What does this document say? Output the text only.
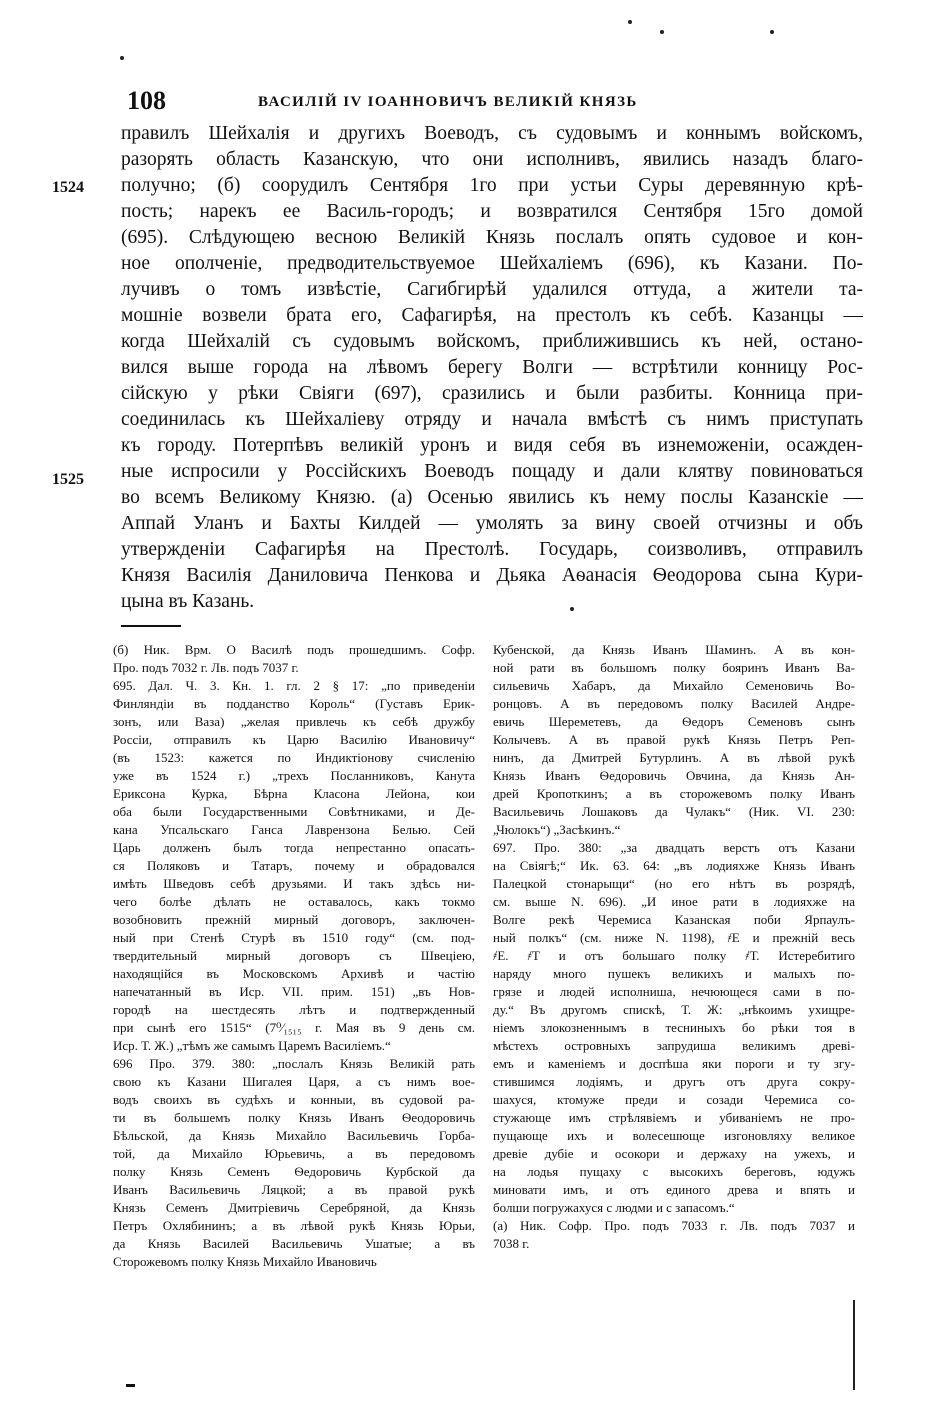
108	ВАСИЛІЙ IV ІОАННОВИЧЪ ВЕЛИКІЙ КНЯЗЬ
1524
1525
правилъ Шейхалія и другихъ Воеводъ, съ судовымъ и коннымъ войскомъ,
разорять область Казанскую, что они исполнивъ, явились назадъ благо-
получно; (б) соорудилъ Сентября 1го при устьи Суры деревянную крѣ-
пость; нарекъ ее Василь-городъ; и возвратился Сентября 15го домой
(695). Слѣдующею весною Великій Князь послалъ опять судовое и кон-
ное ополченіе, предводительствуемое Шейхаліемъ (696), къ Казани. По-
лучивъ о томъ извѣстіе, Сагибгирѣй удалился оттуда, а жители та-
мошніе возвели брата его, Сафагирѣя, на престолъ къ себѣ. Казанцы —
когда Шейхалій съ судовымъ войскомъ, приближившись къ ней, остано-
вился выше города на лѣвомъ берегу Волги — встрѣтили конницу Рос-
сійскую у рѣки Свіяги (697), сразились и были разбиты. Конница при-
соединилась къ Шейхаліеву отряду и начала вмѣстѣ съ нимъ приступать
къ городу. Потерпѣвъ великій уронъ и видя себя въ изнеможеніи, осажден-
ные испросили у Россійскихъ Воеводъ пощаду и дали клятву повиноваться
во всемъ Великому Князю. (а) Осенью явились къ нему послы Казанскіе —
Аппай Уланъ и Бахты Килдей — умолять за вину своей отчизны и объ
утвержденіи Сафагирѣя на Престолѣ. Государь, соизволивъ, отправилъ
Князя Василія Даниловича Пенкова и Дьяка Аѳанасія Ѳеодорова сына Кури-
цына въ Казань.
(б) Ник. Врм. О Василѣ подъ прошедшимъ. Софр.
Прο. подъ 7032 г. Лв. подъ 7037 г.
695. Дал. Ч. 3. Кн. 1. гл. 2 § 17: „по приведеніи
Финляндіи въ подданство Король“ (Густавъ Ерик-
зонъ, или Ваза) „желая привлечь къ себѣ дружбу
Россіи, отправилъ къ Царю Василію Ивановичу“
(въ 1523: кажется по Индиктіонову счисленію
уже въ 1524 г.) „трехъ Посланниковъ, Канута
Ериксона Курка, Бѣрна Класона Лейона, кои
оба были Государственными Совѣтниками, и Де-
кана Упсальскаго Ганса Лаврензона Белью. Сей
Царь долженъ былъ тогда непрестанно опасать-
ся Поляковъ и Татаръ, почему и обрадовался
имѣть Шведовъ себѣ друзьями. И такъ здѣсь ни-
чего болѣе дѣлать не оставалось, какъ токмо
возобновить прежній мирный договоръ, заключен-
ный при Стенѣ Стурѣ въ 1510 году“ (см. под-
твердительный мирный договоръ съ Швеціею,
находящійся въ Московскомъ Архивѣ и частію
напечатанный въ Иср. VII. прим. 151) „въ Нов-
городѣ на шестдесять лѣтъ и подтвержденный
при сынѣ его 1515“ (7⁰⁄₁₅₁₅ г. Мая въ 9 день см.
Иср. Т. Ж.) „тѣмъ же самымъ Царемъ Василіемъ.“
696 Про. 379. 380: „послалъ Князь Великій рать
свою къ Казани Шигалея Царя, а съ нимъ вое-
водъ своихъ въ судѣхъ и конныи, въ судовой ра-
ти въ большемъ полку Князь Иванъ Ѳеодоровичь
Бѣльской, да Князь Михайло Васильевичь Горба-
той, да Михайло Юрьевичь, а въ передовомъ
полку Князь Семенъ Ѳедоровичь Курбской да
Иванъ Васильевичь Ляцкой; а въ правой рукѣ
Князь Семенъ Дмитріевичь Серебряной, да Князь
Петръ Охлябининъ; а въ лѣвой рукѣ Князь Юрьи,
да Князь Василей Васильевичь Ушатые; а въ
Сторожевомъ полку Князь Михайло Ивановичь
Кубенской, да Князь Иванъ Шаминъ. А въ кон-
ной рати въ большомъ полку бояринъ Иванъ Ва-
сильевичь Хабаръ, да Михайло Семеновичь Во-
ронцовъ. А въ передовомъ полку Василей Андре-
евичь Шереметевъ, да Ѳедоръ Семеновъ сынъ
Колычевъ. А въ правой рукѣ Князь Петръ Реп-
нинъ, да Дмитрей Бутурлинъ. А въ лѣвой рукѣ
Князь Иванъ Ѳедоровичь Овчина, да Князь Ан-
дрей Кропоткинъ; а въ сторожевомъ полку Иванъ
Васильевичь Лошаковъ да Чулакъ“ (Ник. VI. 230:
„Чюлокъ“) „Засѣкинъ.“
697. Про. 380: „за двадцать верстъ отъ Казани
на Свіягѣ;“ Ик. 63. 64: „въ лодияхже Князь Иванъ
Палецкой стонарыщи“ (но его нѣтъ въ розрядѣ,
см. выше N. 696). „И иное рати в лодияхже на
Волге рекѣ Черемиса Казанская поби Ярпаулъ-
ный полкъ“ (см. ниже N. 1198), ҂Е и прежній весь
҂Е. ҂Т и отъ большаго полку ҂Т. Истеребитиго
наряду много пушекъ великихъ и малыхъ по-
грязе и людей исполниша, нечюющеся сами в по-
ду.“ Въ другомъ спискѣ, Т. Ж: „нѣкоимъ ухищре-
ніемъ злокозненнымъ в тесниныхъ бо рѣки тоя в
мѣстехъ островныхъ запрудиша великимъ древі-
емъ и каменіемъ и доспѣша яки пороги и ту згу-
стившимся лодіямъ, и другъ отъ друга сокру-
шахуся, ктомуже преди и созади Черемиса со-
стужающе имъ стрѣлявіемъ и убиваніемъ не про-
пущающе ихъ и волесешюще изгоновляху великое
древіе дубіе и осокори и держаху на ужехъ, и
на лодья пущаху с высокихъ береговъ, юдужъ
миновати имъ, и отъ единого древа и впять и
болши погружахуся с людми и с запасомъ.“
(а) Ник. Софр. Про. подъ 7033 г. Лв. подъ 7037 и
7038 г.
